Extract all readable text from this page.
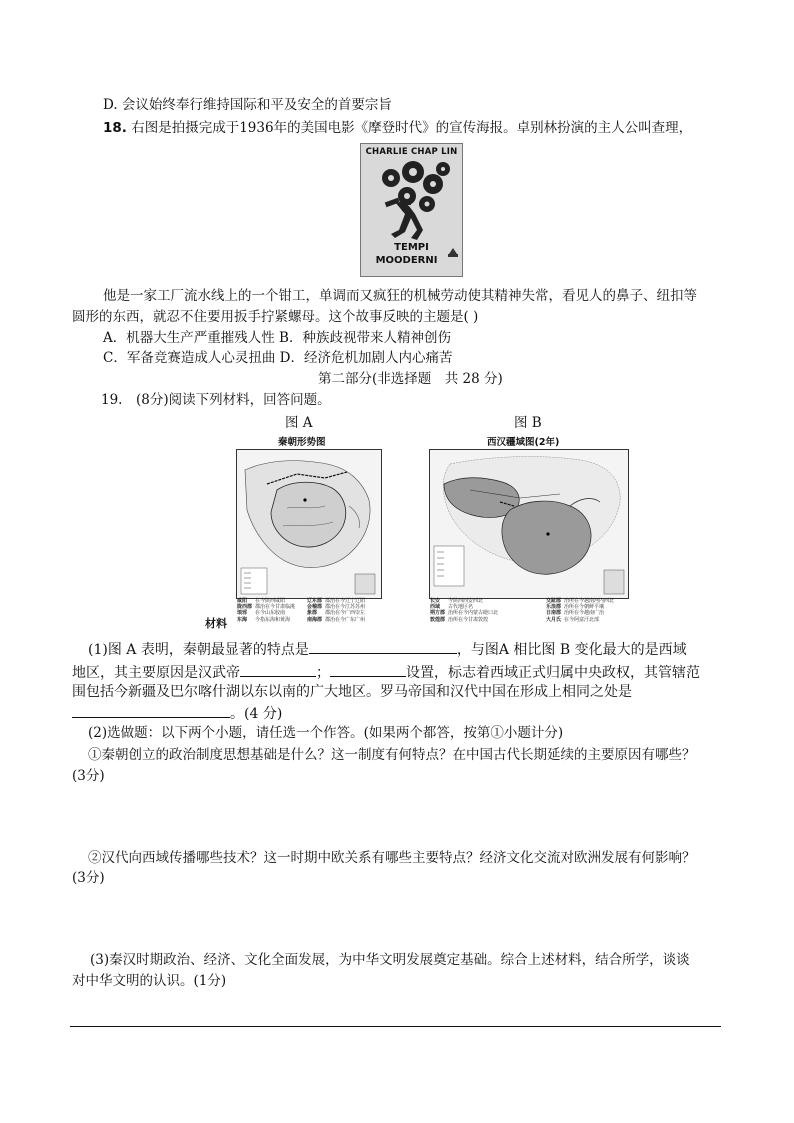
D. 会议始终奉行维持国际和平及安全的首要宗旨
18. 右图是拍摄完成于1936年的美国电影《摩登时代》的宣传海报。卓别林扮演的主人公叫查理，
CHARLIE CHAP LIN
TEMPI
MOODERNI
他是一家工厂流水线上的一个钳工，单调而又疯狂的机械劳动使其精神失常，看见人的鼻子、纽扣等
圆形的东西，就忍不住要用扳手拧紧螺母。这个故事反映的主题是( )
A．机器大生产严重摧残人性 B．种族歧视带来人精神创伤
C．军备竞赛造成人心灵扭曲 D．经济危机加剧人内心痛苦
第二部分(非选择题　共 28 分)
19.　(8分)阅读下列材料，回答问题。
图 A	图 B
秦朝形势图	西汉疆域图(2年)
材料
咸阳 在今陕西咸阳	辽东郡 郡治在今辽宁辽阳
陇西郡 郡治在今甘肃临洮 会稽郡 郡治在今江苏苏州
琅邪 在今山东胶南	象郡 郡治在今广西崇左
东海 今指东海和黄海	南海郡 郡治在今广东广州
长安 今陕西西安西北	交趾郡 治所在今越南河内西北
西域 古代地区名	乐浪郡 治所在今朝鲜平壤
朔方郡 治所在今内蒙古磴口北	日南郡 治所在今越南广治
敦煌郡 治所在今甘肃敦煌	大月氏 在今阿富汗北部
(1)图 A 表明，秦朝最显著的特点是	，与图A 相比图 B 变化最大的是西域
地区，其主要原因是汉武帝	；	设置，标志着西域正式归属中央政权，其管辖范
围包括今新疆及巴尔喀什湖以东以南的广大地区。罗马帝国和汉代中国在形成上相同之处是
。(4 分)
(2)选做题：以下两个小题，请任选一个作答。(如果两个都答，按第①小题计分)
①秦朝创立的政治制度思想基础是什么？这一制度有何特点？在中国古代长期延续的主要原因有哪些？
(3分)
②汉代向西域传播哪些技术？这一时期中欧关系有哪些主要特点？经济文化交流对欧洲发展有何影响？
(3分)
(3)秦汉时期政治、经济、文化全面发展，为中华文明发展奠定基础。综合上述材料，结合所学，谈谈
对中华文明的认识。(1分)
